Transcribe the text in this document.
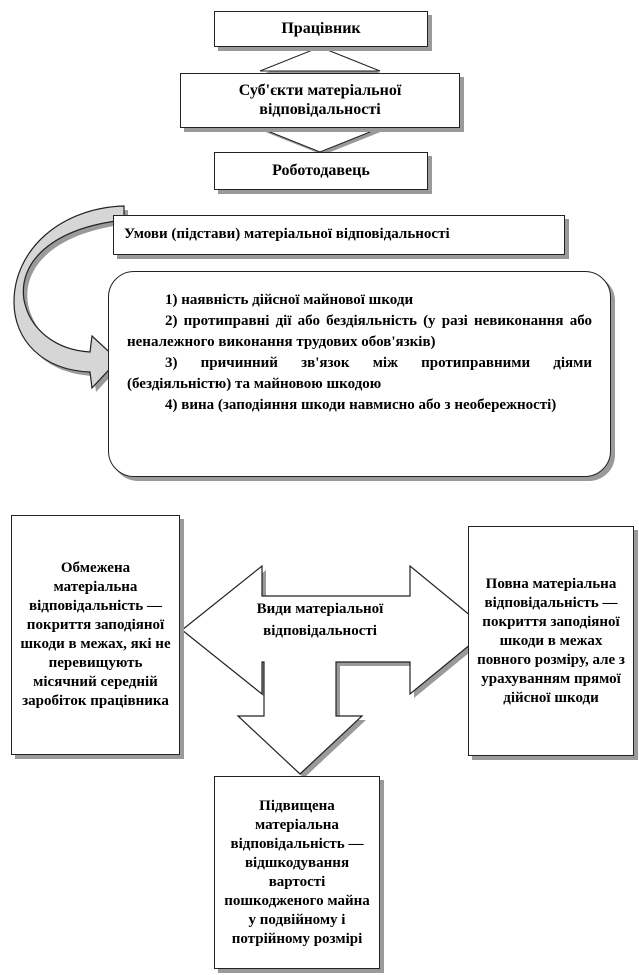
Працівник
Суб'єкти матеріальної
відповідальності
Роботодавець
Умови (підстави) матеріальної відповідальності

1) наявність дійсної майнової шкоди

2) протиправні дії або бездіяльність (у разі невиконання або неналежного виконання трудових обов'язків)

3) причинний зв'язок між протиправними діями (бездіяльністю) та майновою шкодою

4) вина (заподіяння шкоди навмисно або з необережності)

Види матеріальної
відповідальності
Обмежена матеріальна відповідальність — покриття заподіяної шкоди в межах, які не перевищують місячний середній заробіток працівника
Повна матеріальна відповідальність — покриття заподіяної шкоди в межах повного розміру, але з урахуванням прямої дійсної шкоди
Підвищена матеріальна відповідальність — відшкодування вартості пошкодженого майна у подвійному і потрійному розмірі
